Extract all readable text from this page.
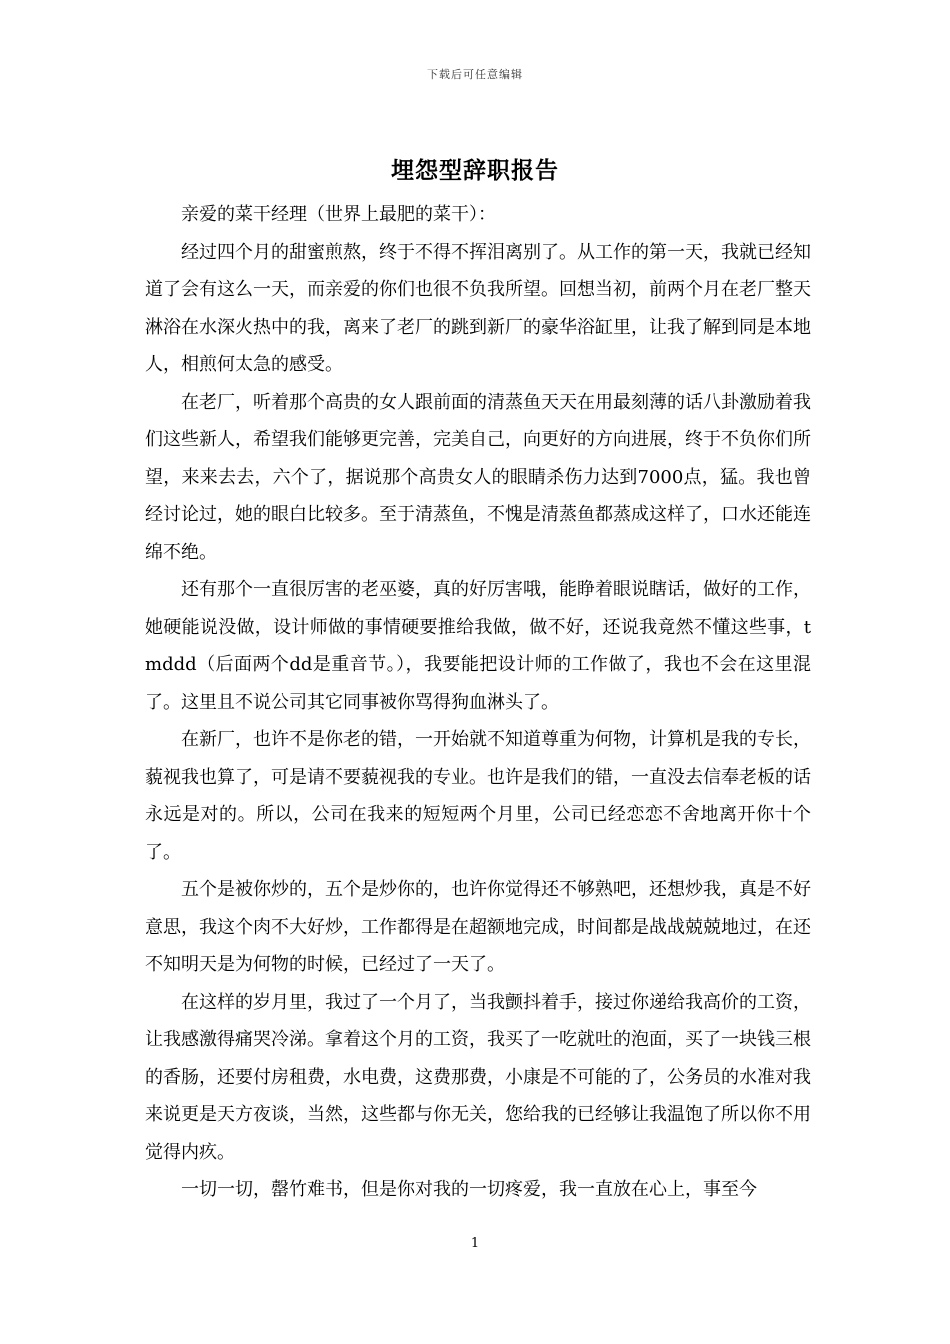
下载后可任意编辑
埋怨型辞职报告

亲爱的菜干经理（世界上最肥的菜干）：

经过四个月的甜蜜煎熬，终于不得不挥泪离别了。从工作的第一天，我就已经知道了会有这么一天，而亲爱的你们也很不负我所望。回想当初，前两个月在老厂整天淋浴在水深火热中的我，离来了老厂的跳到新厂的豪华浴缸里，让我了解到同是本地人，相煎何太急的感受。

在老厂，听着那个高贵的女人跟前面的清蒸鱼天天在用最刻薄的话八卦激励着我们这些新人，希望我们能够更完善，完美自己，向更好的方向进展，终于不负你们所望，来来去去，六个了，据说那个高贵女人的眼睛杀伤力达到7000点，猛。我也曾经讨论过，她的眼白比较多。至于清蒸鱼，不愧是清蒸鱼都蒸成这样了，口水还能连绵不绝。

还有那个一直很厉害的老巫婆，真的好厉害哦，能睁着眼说瞎话，做好的工作，她硬能说没做，设计师做的事情硬要推给我做，做不好，还说我竟然不懂这些事，tmddd（后面两个dd是重音节。），我要能把设计师的工作做了，我也不会在这里混了。这里且不说公司其它同事被你骂得狗血淋头了。

在新厂，也许不是你老的错，一开始就不知道尊重为何物，计算机是我的专长，藐视我也算了，可是请不要藐视我的专业。也许是我们的错，一直没去信奉老板的话永远是对的。所以，公司在我来的短短两个月里，公司已经恋恋不舍地离开你十个了。

五个是被你炒的，五个是炒你的，也许你觉得还不够熟吧，还想炒我，真是不好意思，我这个肉不大好炒，工作都得是在超额地完成，时间都是战战兢兢地过，在还不知明天是为何物的时候，已经过了一天了。

在这样的岁月里，我过了一个月了，当我颤抖着手，接过你递给我高价的工资，让我感激得痛哭冷涕。拿着这个月的工资，我买了一吃就吐的泡面，买了一块钱三根的香肠，还要付房租费，水电费，这费那费，小康是不可能的了，公务员的水准对我来说更是天方夜谈，当然，这些都与你无关，您给我的已经够让我温饱了所以你不用觉得内疚。

一切一切，罄竹难书，但是你对我的一切疼爱，我一直放在心上，事至今

1
